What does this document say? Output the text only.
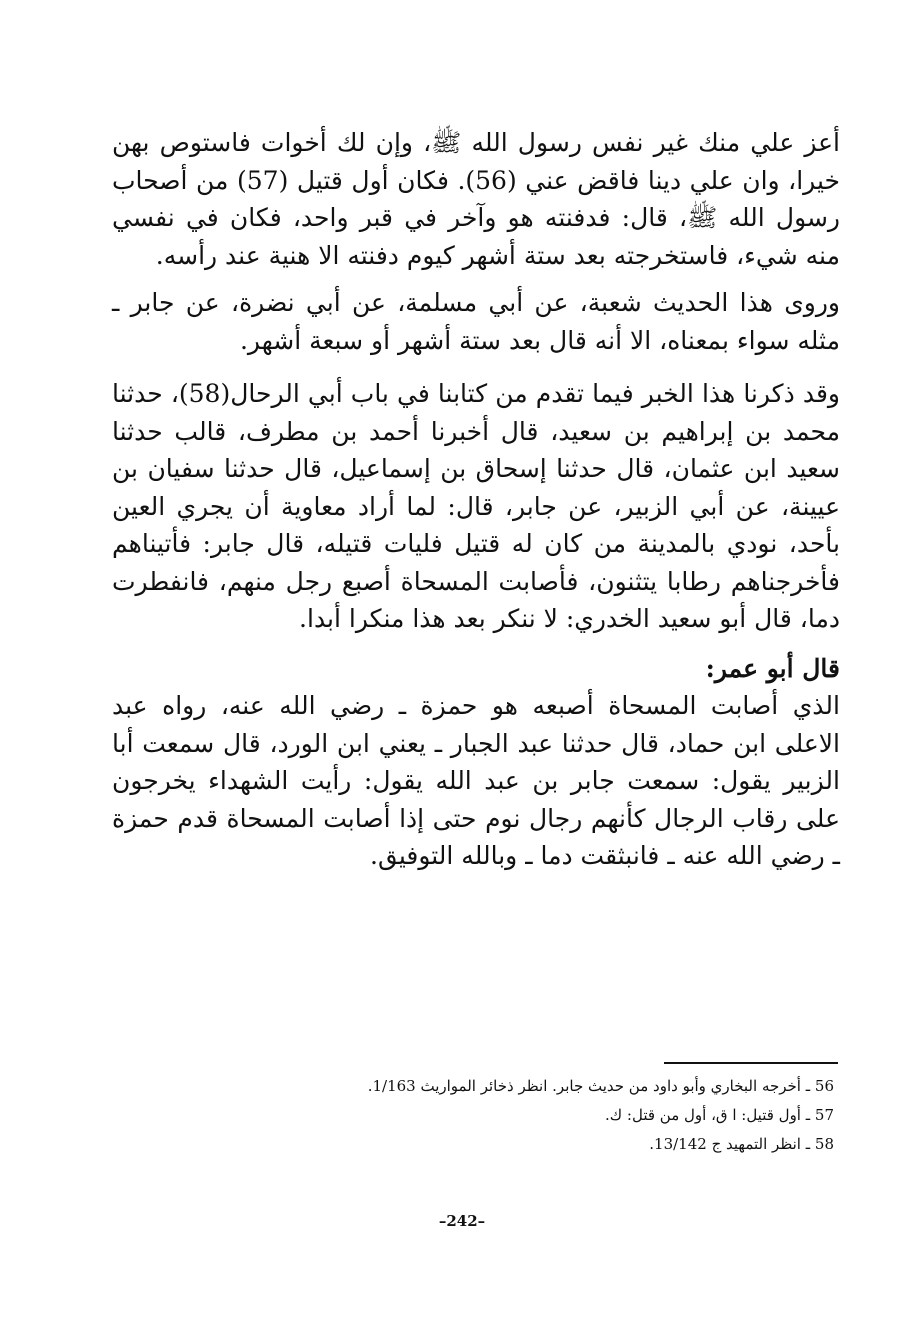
أعز علي منك غير نفس رسول الله ﷺ، وإن لك أخوات فاستوص بهن خيرا، وان علي دينا فاقض عني (56). فكان أول قتيل (57) من أصحاب رسول الله ﷺ، قال: فدفنته هو وآخر في قبر واحد، فكان في نفسي منه شيء، فاستخرجته بعد ستة أشهر كيوم دفنته الا هنية عند رأسه.

وروى هذا الحديث شعبة، عن أبي مسلمة، عن أبي نضرة، عن جابر ـ مثله سواء بمعناه، الا أنه قال بعد ستة أشهر أو سبعة أشهر.

وقد ذكرنا هذا الخبر فيما تقدم من كتابنا في باب أبي الرحال(58)، حدثنا محمد بن إبراهيم بن سعيد، قال أخبرنا أحمد بن مطرف، قالب حدثنا سعيد ابن عثمان، قال حدثنا إسحاق بن إسماعيل، قال حدثنا سفيان بن عيينة، عن أبي الزبير، عن جابر، قال: لما أراد معاوية أن يجري العين بأحد، نودي بالمدينة من كان له قتيل فليات قتيله، قال جابر: فأتيناهم فأخرجناهم رطابا يتثنون، فأصابت المسحاة أصبع رجل منهم، فانفطرت دما، قال أبو سعيد الخدري: لا ننكر بعد هذا منكرا أبدا.

قال أبو عمر:

الذي أصابت المسحاة أصبعه هو حمزة ـ رضي الله عنه، رواه عبد الاعلى ابن حماد، قال حدثنا عبد الجبار ـ يعني ابن الورد، قال سمعت أبا الزبير يقول: سمعت جابر بن عبد الله يقول: رأيت الشهداء يخرجون على رقاب الرجال كأنهم رجال نوم حتى إذا أصابت المسحاة قدم حمزة ـ رضي الله عنه ـ فانبثقت دما ـ وبالله التوفيق.

56 ـ أخرجه البخاري وأبو داود من حديث جابر. انظر ذخائر المواريث 1/163.

57 ـ أول قتيل: ا ق، أول من قتل: ك.

58 ـ انظر التمهيد ج 13/142.

–242–
